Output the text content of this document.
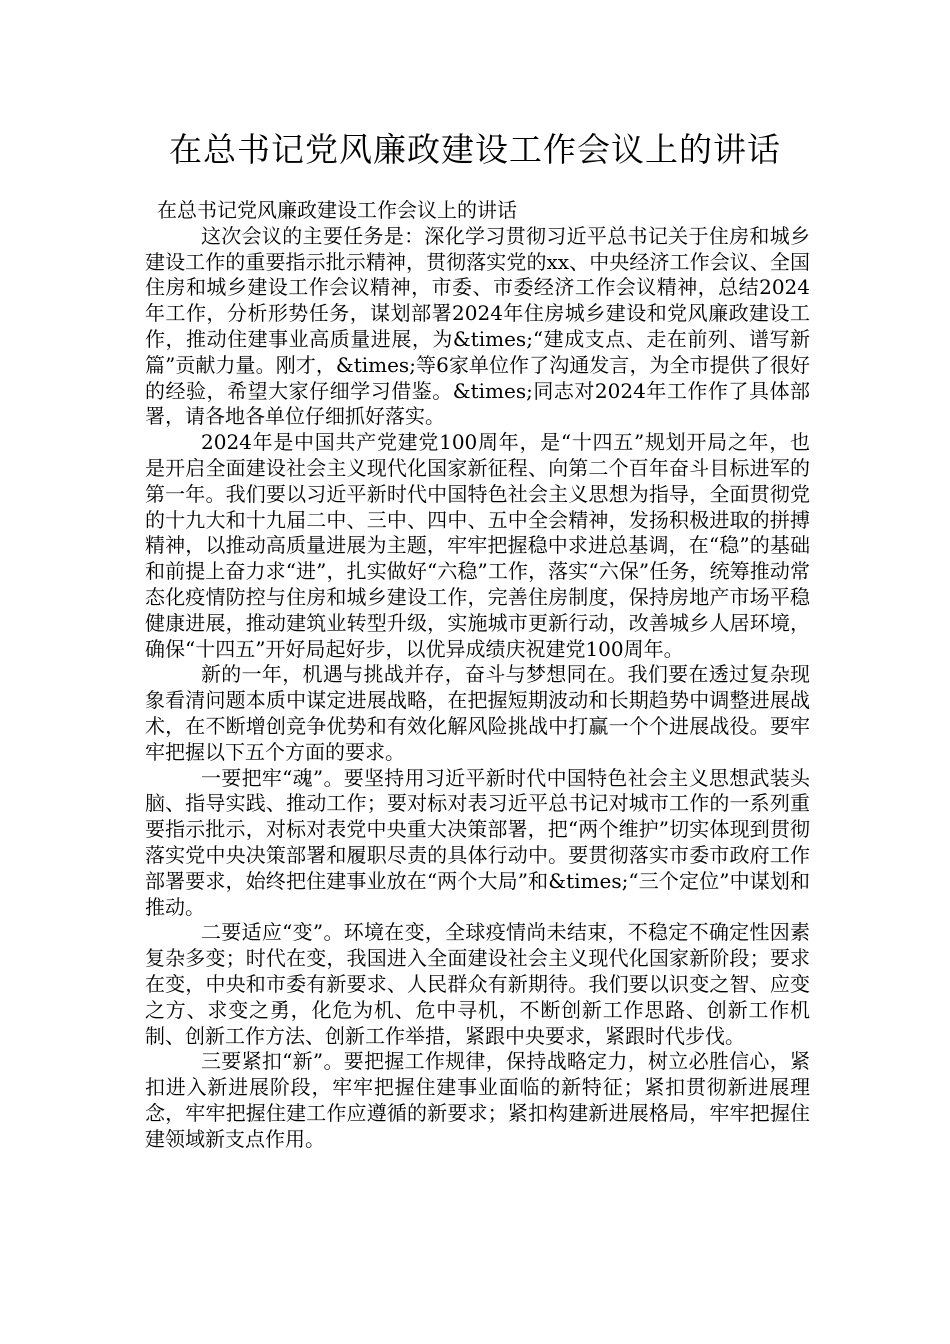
在总书记党风廉政建设工作会议上的讲话

在总书记党风廉政建设工作会议上的讲话

这次会议的主要任务是：深化学习贯彻习近平总书记关于住房和城乡建设工作的重要指示批示精神，贯彻落实党的xx、中央经济工作会议、全国住房和城乡建设工作会议精神，市委、市委经济工作会议精神，总结2024年工作，分析形势任务，谋划部署2024年住房城乡建设和党风廉政建设工作，推动住建事业高质量进展，为&times;“建成支点、走在前列、谱写新篇”贡献力量。刚才，&times;等6家单位作了沟通发言，为全市提供了很好的经验，希望大家仔细学习借鉴。&times;同志对2024年工作作了具体部署，请各地各单位仔细抓好落实。

2024年是中国共产党建党100周年，是“十四五”规划开局之年，也是开启全面建设社会主义现代化国家新征程、向第二个百年奋斗目标进军的第一年。我们要以习近平新时代中国特色社会主义思想为指导，全面贯彻党的十九大和十九届二中、三中、四中、五中全会精神，发扬积极进取的拼搏精神，以推动高质量进展为主题，牢牢把握稳中求进总基调，在“稳”的基础和前提上奋力求“进”，扎实做好“六稳”工作，落实“六保”任务，统筹推动常态化疫情防控与住房和城乡建设工作，完善住房制度，保持房地产市场平稳健康进展，推动建筑业转型升级，实施城市更新行动，改善城乡人居环境，确保“十四五”开好局起好步，以优异成绩庆祝建党100周年。

新的一年，机遇与挑战并存，奋斗与梦想同在。我们要在透过复杂现象看清问题本质中谋定进展战略，在把握短期波动和长期趋势中调整进展战术，在不断增创竞争优势和有效化解风险挑战中打赢一个个进展战役。要牢牢把握以下五个方面的要求。

一要把牢“魂”。要坚持用习近平新时代中国特色社会主义思想武装头脑、指导实践、推动工作；要对标对表习近平总书记对城市工作的一系列重要指示批示，对标对表党中央重大决策部署，把“两个维护”切实体现到贯彻落实党中央决策部署和履职尽责的具体行动中。要贯彻落实市委市政府工作部署要求，始终把住建事业放在“两个大局”和&times;“三个定位”中谋划和推动。

二要适应“变”。环境在变，全球疫情尚未结束，不稳定不确定性因素复杂多变；时代在变，我国进入全面建设社会主义现代化国家新阶段；要求在变，中央和市委有新要求、人民群众有新期待。我们要以识变之智、应变之方、求变之勇，化危为机、危中寻机，不断创新工作思路、创新工作机制、创新工作方法、创新工作举措，紧跟中央要求，紧跟时代步伐。

三要紧扣“新”。要把握工作规律，保持战略定力，树立必胜信心，紧扣进入新进展阶段，牢牢把握住建事业面临的新特征；紧扣贯彻新进展理念，牢牢把握住建工作应遵循的新要求；紧扣构建新进展格局，牢牢把握住建领域新支点作用。
